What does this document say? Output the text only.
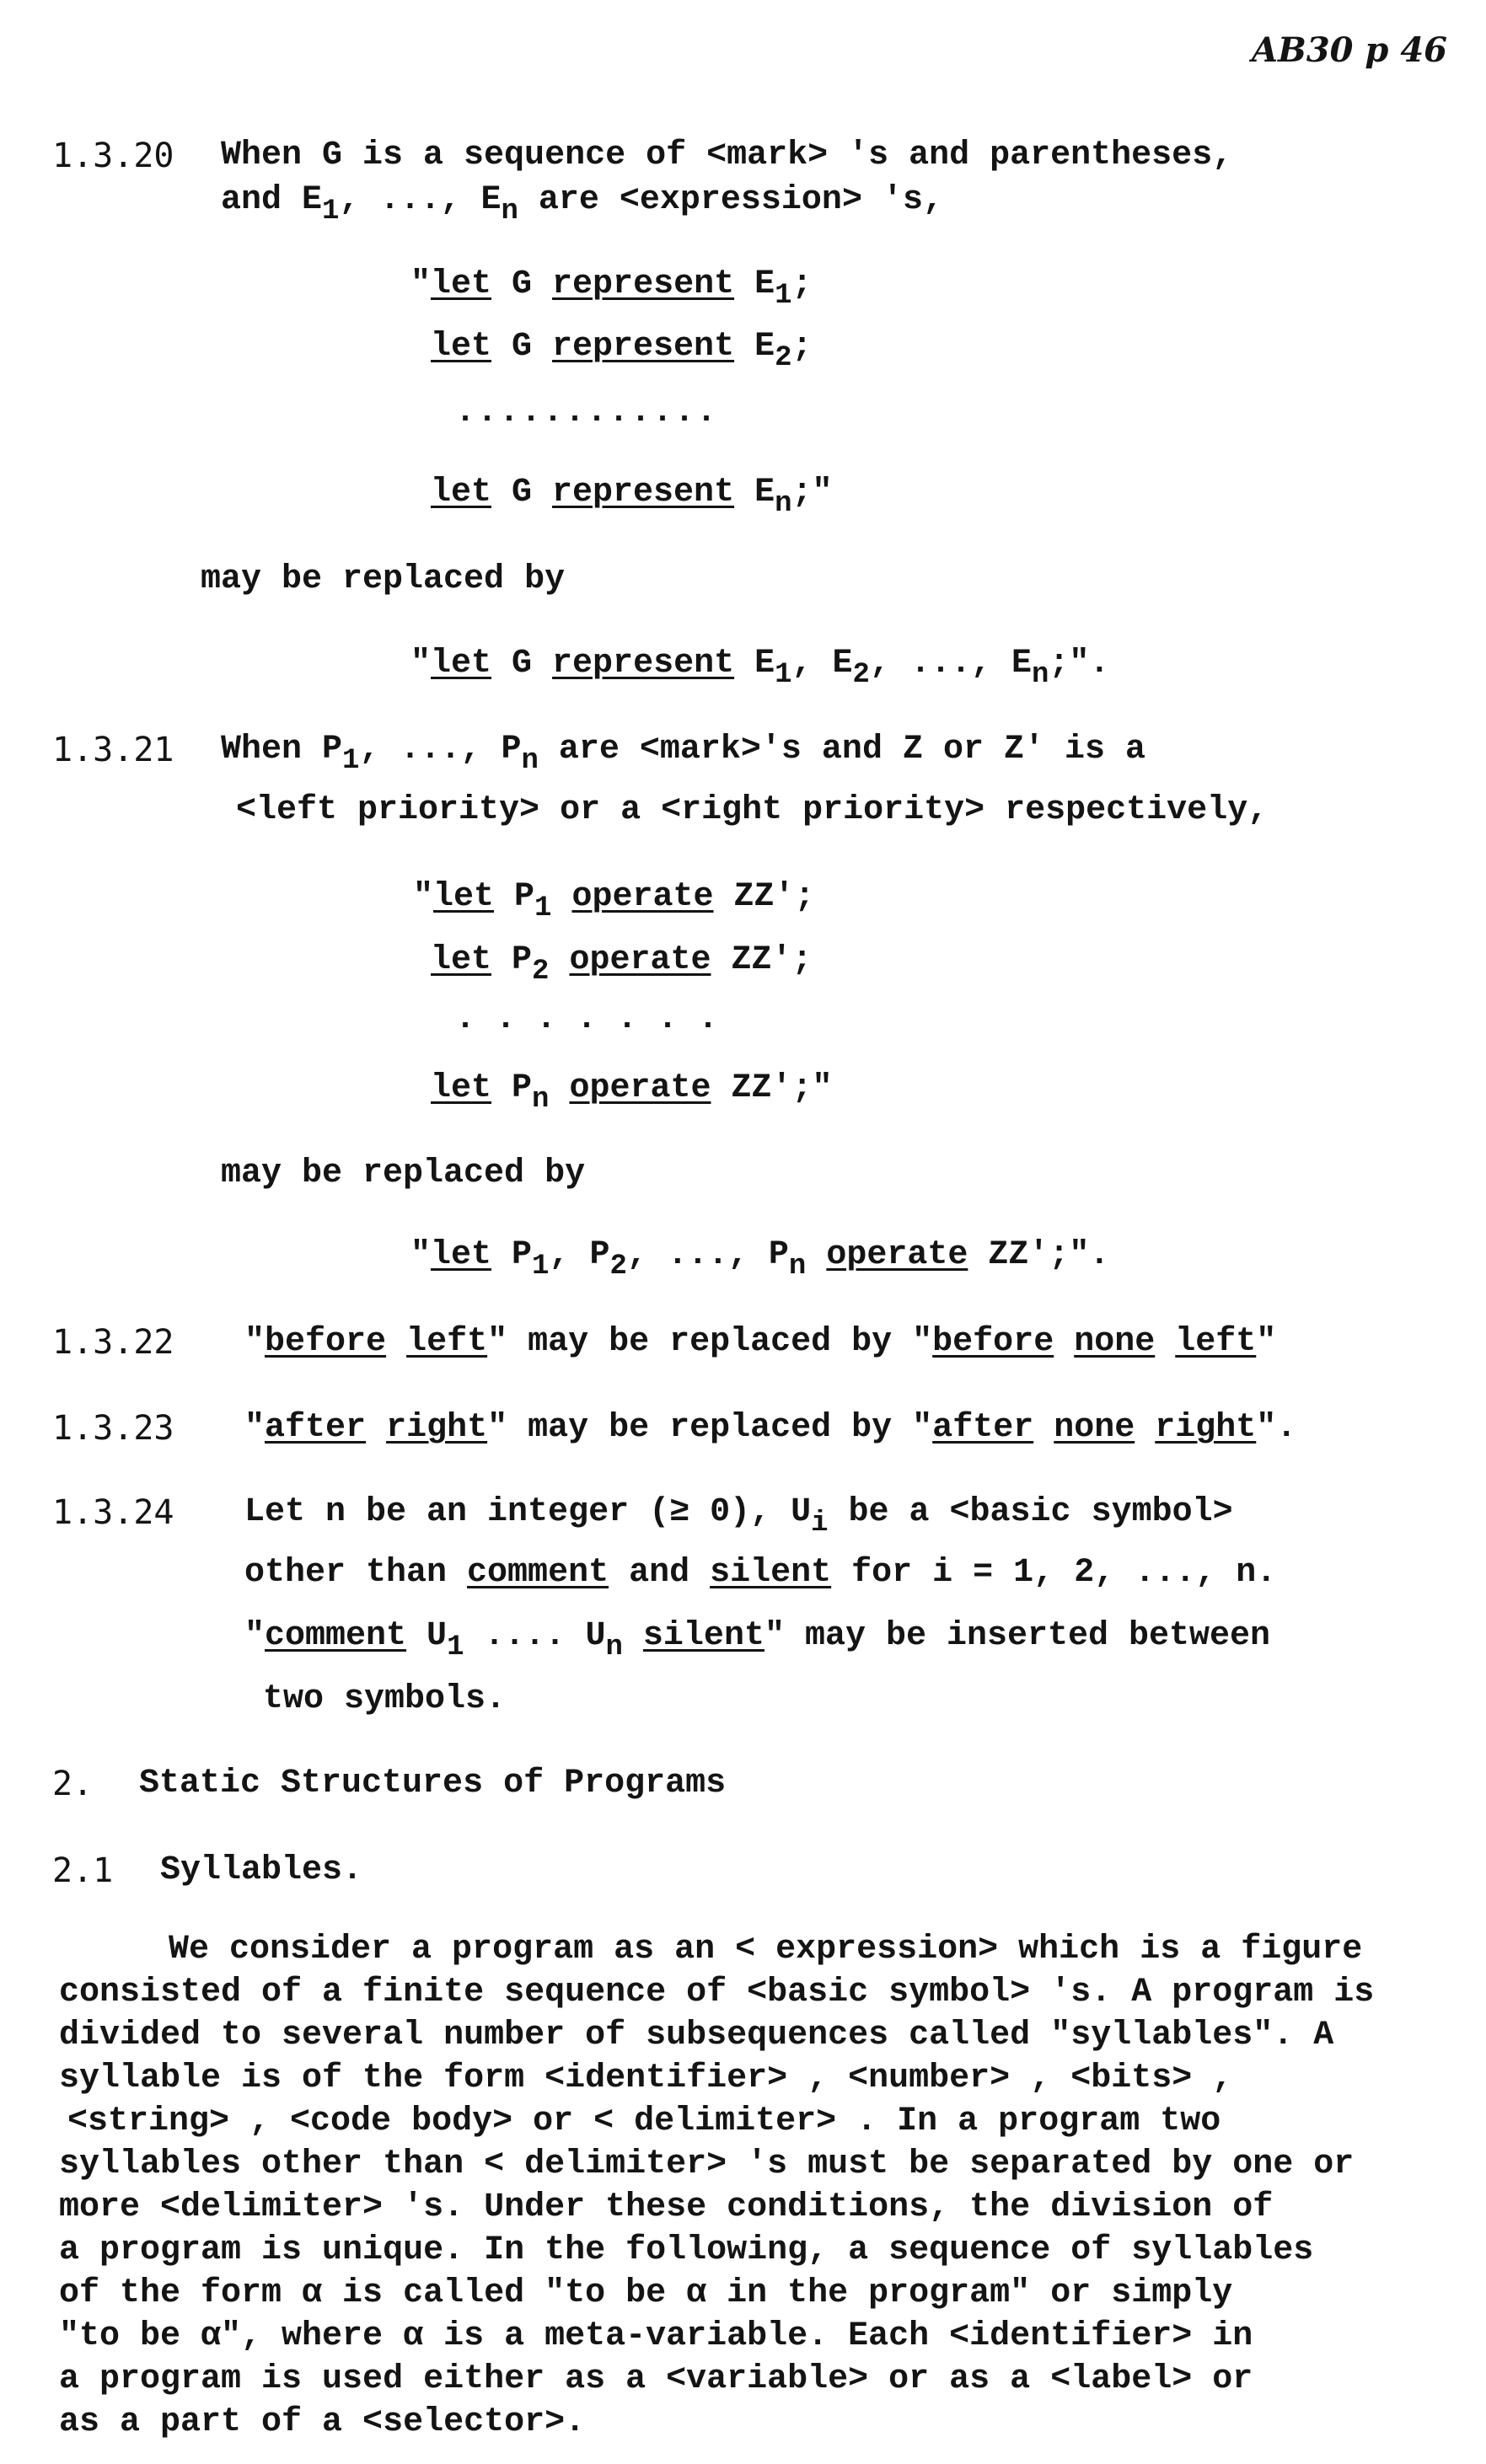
AB30 p 46
1.3.20 When G is a sequence of <mark> 's and parentheses,
and $E_1$, ..., $E_n$ are <expression> 's,
"let G represent $E_1$;
let G represent $E_2$;
............
let G represent $E_n$;"
may be replaced by
"let G represent $E_1$, $E_2$, ..., $E_n$;".
1.3.21 When $P_1$, ..., $P_n$ are <mark>'s and Z or Z' is a
<left priority> or a <right priority> respectively,
"let $P_1$ operate ZZ';
let $P_2$ operate ZZ';
. . . . . . .
let $P_n$ operate ZZ';"
may be replaced by
"let $P_1$, $P_2$, ..., $P_n$ operate ZZ';".
1.3.22 "before left" may be replaced by "before none left"
1.3.23 "after right" may be replaced by "after none right".
1.3.24 Let n be an integer (≥ 0), $U_i$ be a <basic symbol>
other than comment and silent for i = 1, 2, ..., n.
"comment $U_1$ .... $U_n$ silent" may be inserted between
two symbols.
2. Static Structures of Programs
2.1 Syllables.

We consider a program as an < expression> which is a figure

consisted of a finite sequence of <basic symbol> 's. A program is

divided to several number of subsequences called "syllables". A

syllable is of the form <identifier> , <number> , <bits> ,

<string> , <code body> or < delimiter> . In a program two

syllables other than < delimiter> 's must be separated by one or

more <delimiter> 's. Under these conditions, the division of

a program is unique. In the following, a sequence of syllables

of the form α is called "to be α in the program" or simply

"to be α", where α is a meta-variable. Each <identifier> in

a program is used either as a <variable> or as a <label> or

as a part of a <selector>.
